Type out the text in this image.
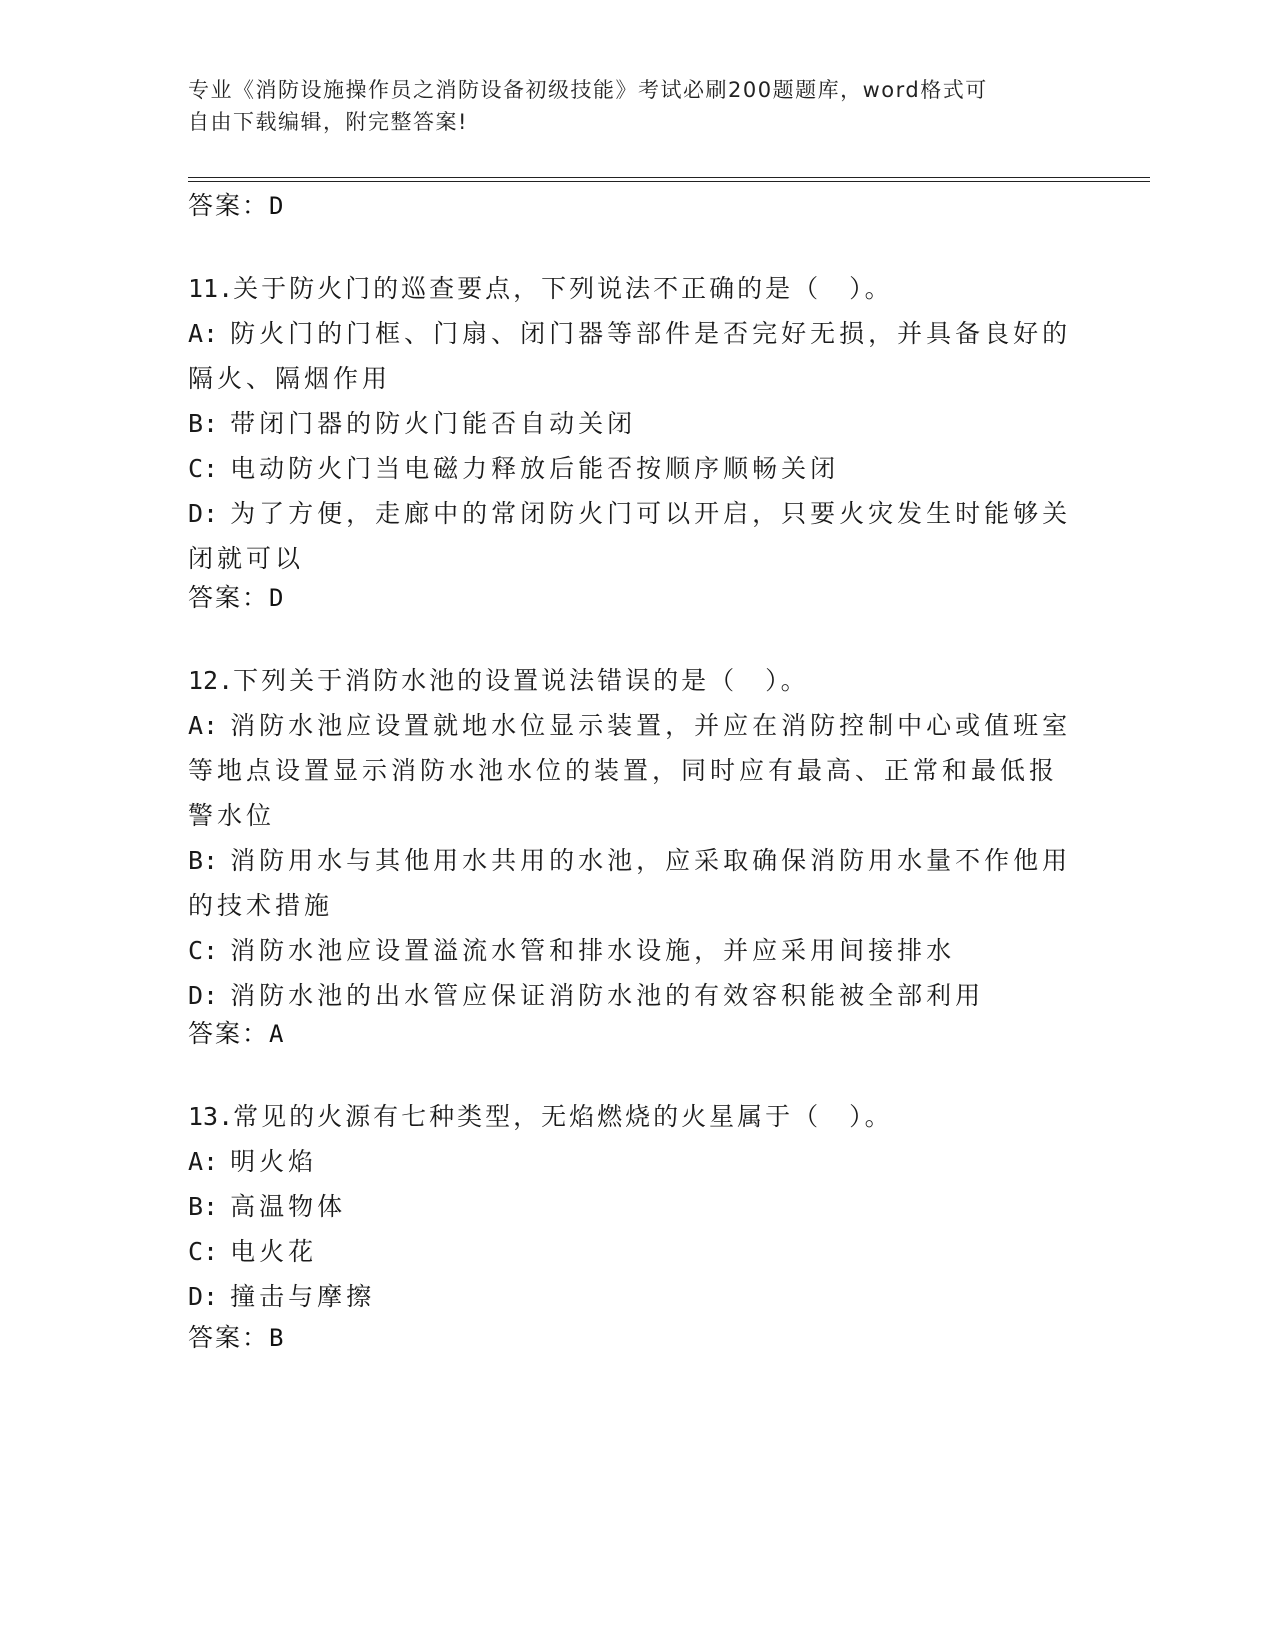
专业《消防设施操作员之消防设备初级技能》考试必刷200题题库，word格式可
自由下载编辑，附完整答案!
答案：D
11.关于防火门的巡查要点，下列说法不正确的是（　）。
A: 防火门的门框、门扇、闭门器等部件是否完好无损，并具备良好的
隔火、隔烟作用
B: 带闭门器的防火门能否自动关闭
C: 电动防火门当电磁力释放后能否按顺序顺畅关闭
D: 为了方便，走廊中的常闭防火门可以开启，只要火灾发生时能够关
闭就可以
答案：D
12.下列关于消防水池的设置说法错误的是（　）。
A: 消防水池应设置就地水位显示装置，并应在消防控制中心或值班室
等地点设置显示消防水池水位的装置，同时应有最高、正常和最低报
警水位
B: 消防用水与其他用水共用的水池，应采取确保消防用水量不作他用
的技术措施
C: 消防水池应设置溢流水管和排水设施，并应采用间接排水
D: 消防水池的出水管应保证消防水池的有效容积能被全部利用
答案：A
13.常见的火源有七种类型，无焰燃烧的火星属于（　）。
A: 明火焰
B: 高温物体
C: 电火花
D: 撞击与摩擦
答案：B
